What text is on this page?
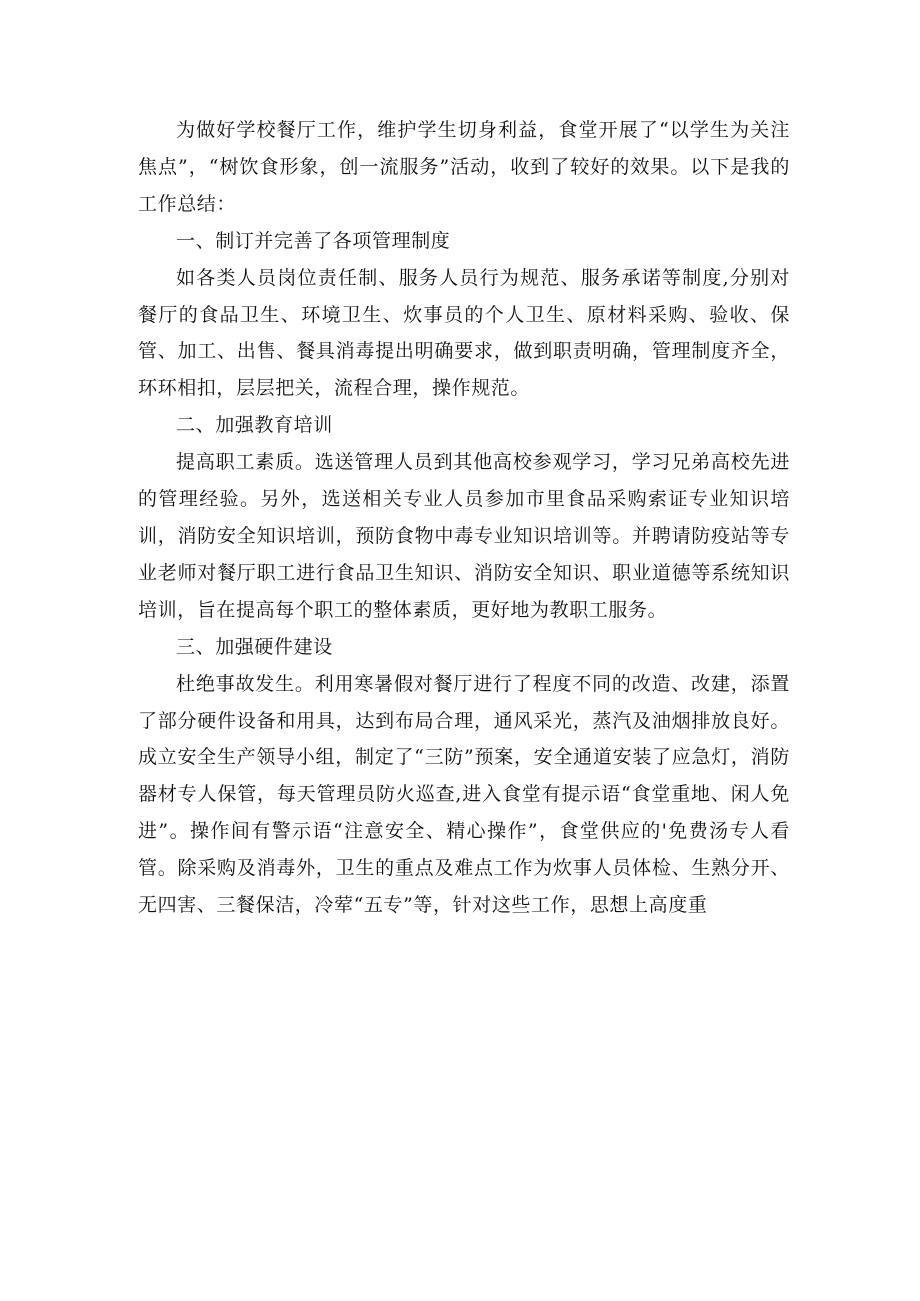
为做好学校餐厅工作，维护学生切身利益，食堂开展了“以学生为关注焦点”，“树饮食形象，创一流服务”活动，收到了较好的效果。以下是我的工作总结：

一、制订并完善了各项管理制度

如各类人员岗位责任制、服务人员行为规范、服务承诺等制度,分别对餐厅的食品卫生、环境卫生、炊事员的个人卫生、原材料采购、验收、保管、加工、出售、餐具消毒提出明确要求，做到职责明确，管理制度齐全，环环相扣，层层把关，流程合理，操作规范。

二、加强教育培训

提高职工素质。选送管理人员到其他高校参观学习，学习兄弟高校先进的管理经验。另外，选送相关专业人员参加市里食品采购索证专业知识培训，消防安全知识培训，预防食物中毒专业知识培训等。并聘请防疫站等专业老师对餐厅职工进行食品卫生知识、消防安全知识、职业道德等系统知识培训，旨在提高每个职工的整体素质，更好地为教职工服务。

三、加强硬件建设

杜绝事故发生。利用寒暑假对餐厅进行了程度不同的改造、改建，添置了部分硬件设备和用具，达到布局合理，通风采光，蒸汽及油烟排放良好。成立安全生产领导小组，制定了“三防”预案，安全通道安装了应急灯，消防器材专人保管，每天管理员防火巡查,进入食堂有提示语“食堂重地、闲人免进”。操作间有警示语“注意安全、精心操作”，食堂供应的'免费汤专人看管。除采购及消毒外，卫生的重点及难点工作为炊事人员体检、生熟分开、无四害、三餐保洁，冷荤“五专”等，针对这些工作，思想上高度重
